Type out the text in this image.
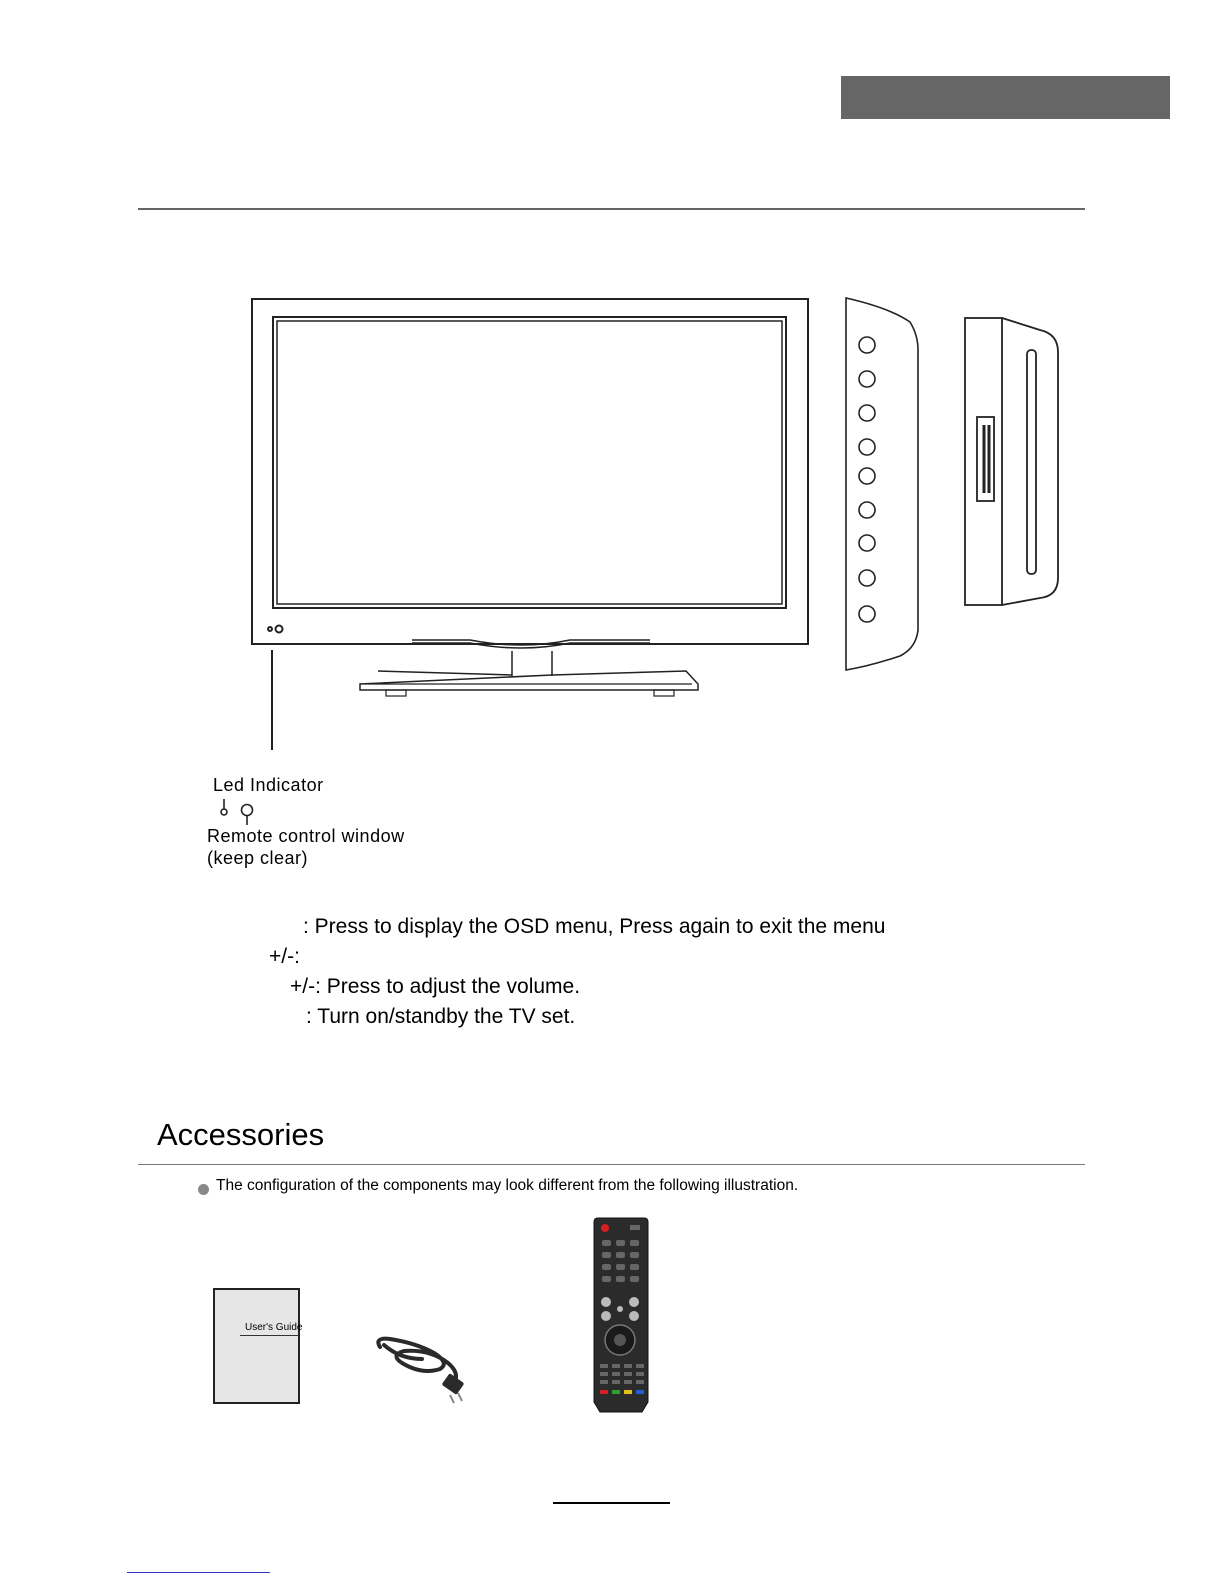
Led Indicator
Remote control window
(keep clear)
: Press to display the OSD menu, Press again to exit the menu
+/-:
+/-: Press to adjust the volume.
: Turn on/standby the TV set.
Accessories
The configuration of the components may look different from the following illustration.
User's Guide
